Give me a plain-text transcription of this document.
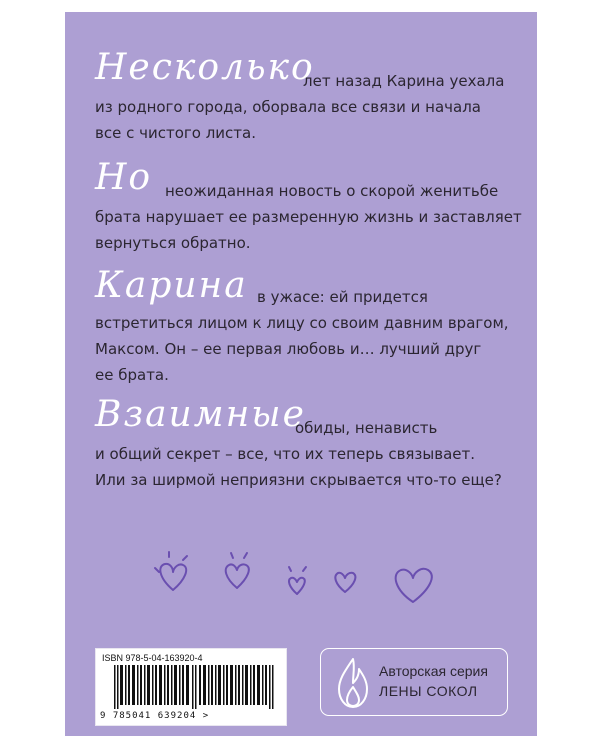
Несколько
лет назад Карина уехала
из родного города, оборвала все связи и начала
все с чистого листа.
Но неожиданная новость о скорой женитьбе
брата нарушает ее размеренную жизнь и заставляет
вернуться обратно.
Карина в ужасе: ей придется
встретиться лицом к лицу со своим давним врагом,
Максом. Он – ее первая любовь и… лучший друг
ее брата.
Взаимные
обиды, ненависть
и общий секрет – все, что их теперь связывает.
Или за ширмой неприязни скрывается что-то еще?
ISBN 978-5-04-163920-4
9 785041 639204 >
Авторская серия
ЛЕНЫ СОКОЛ
